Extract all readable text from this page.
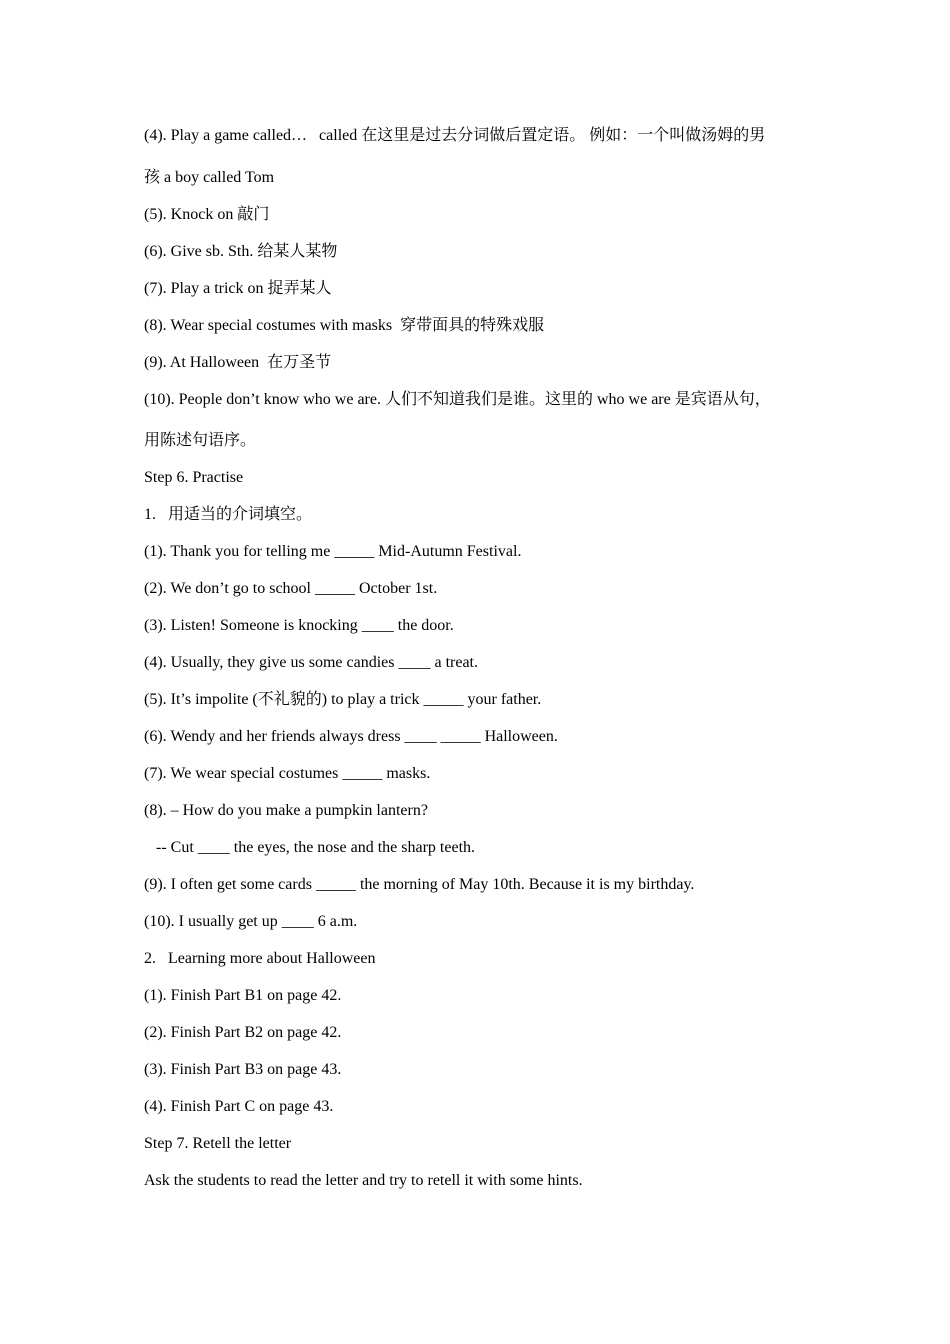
(4). Play a game called…   called 在这里是过去分词做后置定语。 例如：一个叫做汤姆的男
孩 a boy called Tom
(5). Knock on 敲门
(6). Give sb. Sth. 给某人某物
(7). Play a trick on 捉弄某人
(8). Wear special costumes with masks  穿带面具的特殊戏服
(9). At Halloween  在万圣节
(10). People don’t know who we are. 人们不知道我们是谁。这里的 who we are 是宾语从句，
用陈述句语序。
Step 6. Practise
1.   用适当的介词填空。
(1). Thank you for telling me _____ Mid-Autumn Festival.
(2). We don’t go to school _____ October 1st.
(3). Listen! Someone is knocking ____ the door.
(4). Usually, they give us some candies ____ a treat.
(5). It’s impolite (不礼貌的) to play a trick _____ your father.
(6). Wendy and her friends always dress ____ _____ Halloween.
(7). We wear special costumes _____ masks.
(8). – How do you make a pumpkin lantern?
-- Cut ____ the eyes, the nose and the sharp teeth.
(9). I often get some cards _____ the morning of May 10th. Because it is my birthday.
(10). I usually get up ____ 6 a.m.
2.   Learning more about Halloween
(1). Finish Part B1 on page 42.
(2). Finish Part B2 on page 42.
(3). Finish Part B3 on page 43.
(4). Finish Part C on page 43.
Step 7. Retell the letter
Ask the students to read the letter and try to retell it with some hints.
